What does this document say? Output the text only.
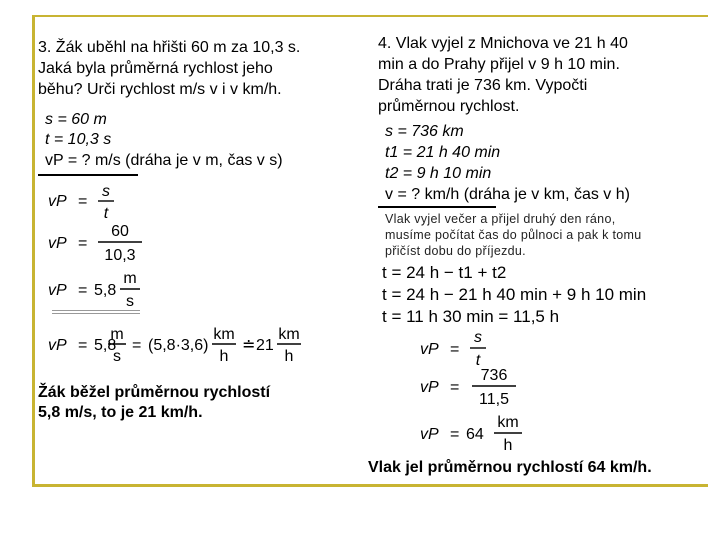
3. Žák uběhl na hřišti 60 m za 10,3 s.
Jaká byla průměrná rychlost jeho
běhu? Urči rychlost m/s v i v km/h.
s = 60 m
t = 10,3 s
vP = ? m/s (dráha je v m, čas v s)
vP =
s
t
vP =
60
10,3
vP = 5,8
m
s
vP = 5,8
m
s
= (5,8·3,6)
km
h
≐ 21
km
h
Žák běžel průměrnou rychlostí
5,8 m/s, to je 21 km/h.
4. Vlak vyjel z Mnichova ve 21 h 40
min a do Prahy přijel v 9 h 10 min.
Dráha trati je 736 km. Vypočti
průměrnou rychlost.
s = 736 km
t1 = 21 h 40 min
t2 = 9 h 10 min
v = ? km/h (dráha je v km, čas v h)
Vlak vyjel večer a přijel druhý den ráno,
musíme počítat čas do půlnoci a pak k tomu
přičíst dobu do příjezdu.
t = 24 h − t1 + t2
t = 24 h − 21 h 40 min + 9 h 10 min
t = 11 h 30 min = 11,5 h
vP =
s
t
vP =
736
11,5
vP = 64
km
h
Vlak jel průměrnou rychlostí 64 km/h.
